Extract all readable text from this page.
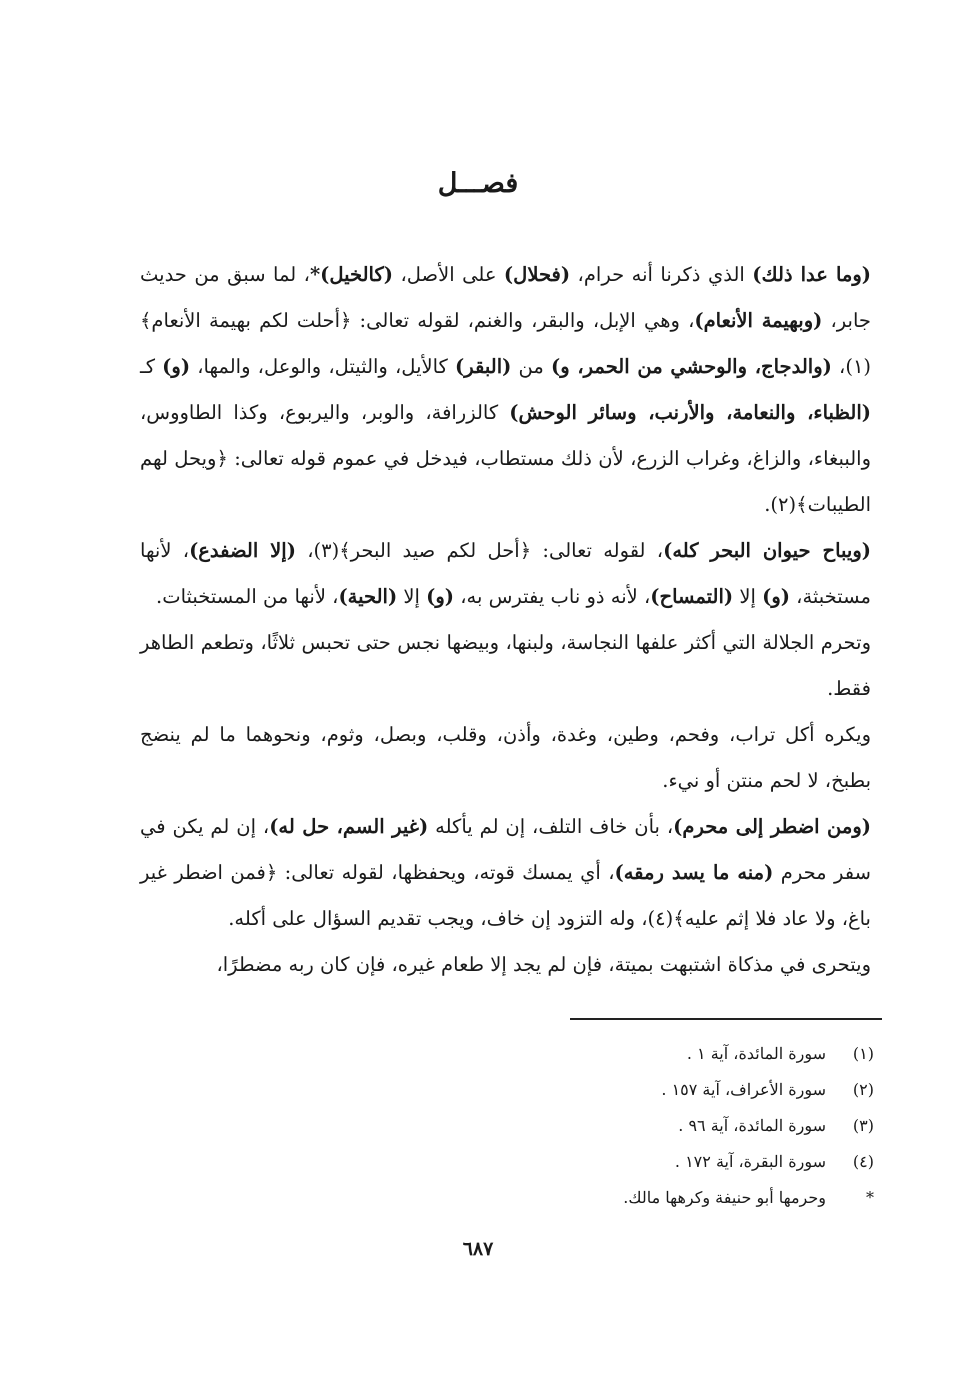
فصـــل

(وما عدا ذلك) الذي ذكرنا أنه حرام، (فحلال) على الأصل، (كالخيل)*، لما سبق من حديث جابر، (وبهيمة الأنعام)، وهي الإبل، والبقر، والغنم، لقوله تعالى: ﴿أحلت لكم بهيمة الأنعام﴾(١)، (والدجاج، والوحشي من الحمر، و) من (البقر) كالأيل، والثيتل، والوعل، والمها، (و) كـ (الظباء، والنعامة، والأرنب، وسائر الوحش) كالزرافة، والوبر، واليربوع، وكذا الطاووس، والببغاء، والزاغ، وغراب الزرع، لأن ذلك مستطاب، فيدخل في عموم قوله تعالى: ﴿ويحل لهم الطيبات﴾(٢).

(ويباح حيوان البحر كله)، لقوله تعالى: ﴿أحل لكم صيد البحر﴾(٣)، (إلا الضفدع)، لأنها مستخبثة، (و) إلا (التمساح)، لأنه ذو ناب يفترس به، (و) إلا (الحية)، لأنها من المستخبثات.

وتحرم الجلالة التي أكثر علفها النجاسة، ولبنها، وبيضها نجس حتى تحبس ثلاثًا، وتطعم الطاهر فقط.

ويكره أكل تراب، وفحم، وطين، وغدة، وأذن، وقلب، وبصل، وثوم، ونحوهما ما لم ينضج بطبخ، لا لحم منتن أو نيء.

(ومن اضطر إلى محرم)، بأن خاف التلف، إن لم يأكله (غير السم، حل له)، إن لم يكن في سفر محرم (منه ما يسد رمقه)، أي يمسك قوته، ويحفظها، لقوله تعالى: ﴿فمن اضطر غير باغ، ولا عاد فلا إثم عليه﴾(٤)، وله التزود إن خاف، ويجب تقديم السؤال على أكله.

ويتحرى في مذكاة اشتبهت بميتة، فإن لم يجد إلا طعام غيره، فإن كان ربه مضطرًا،

(١)
سورة المائدة، آية ١ .
(٢)
سورة الأعراف، آية ١٥٧ .
(٣)
سورة المائدة، آية ٩٦ .
(٤)
سورة البقرة، آية ١٧٢ .
*
وحرمها أبو حنيفة وكرهها مالك.
٦٨٧
